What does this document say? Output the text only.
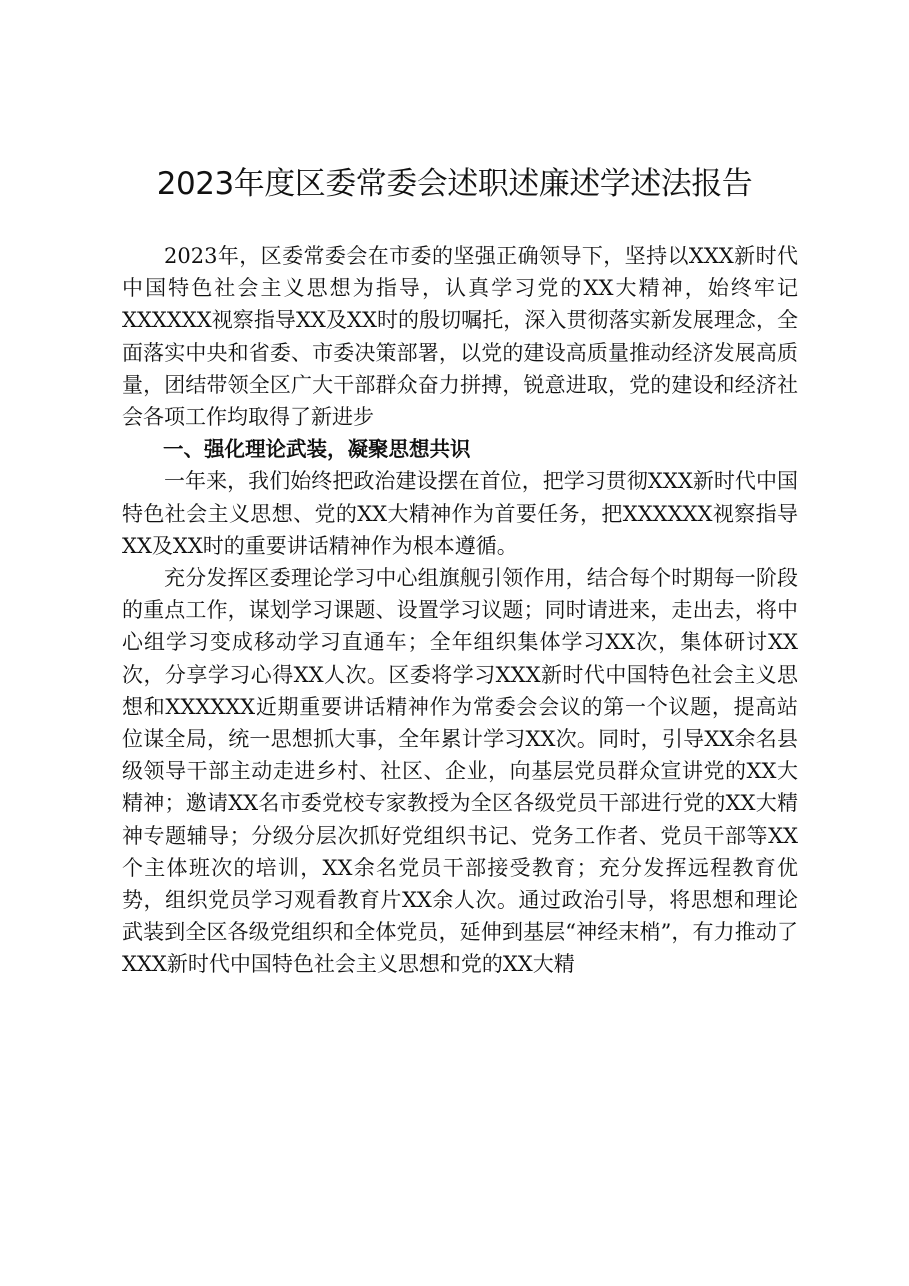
2023年度区委常委会述职述廉述学述法报告

2023年，区委常委会在市委的坚强正确领导下，坚持以XXX新时代中国特色社会主义思想为指导，认真学习党的XX大精神，始终牢记XXXXXX视察指导XX及XX时的殷切嘱托，深入贯彻落实新发展理念，全面落实中央和省委、市委决策部署，以党的建设高质量推动经济发展高质量，团结带领全区广大干部群众奋力拼搏，锐意进取，党的建设和经济社会各项工作均取得了新进步

一、强化理论武装，凝聚思想共识

一年来，我们始终把政治建设摆在首位，把学习贯彻XXX新时代中国特色社会主义思想、党的XX大精神作为首要任务，把XXXXXX视察指导XX及XX时的重要讲话精神作为根本遵循。

充分发挥区委理论学习中心组旗舰引领作用，结合每个时期每一阶段的重点工作，谋划学习课题、设置学习议题；同时请进来，走出去，将中心组学习变成移动学习直通车；全年组织集体学习XX次，集体研讨XX次，分享学习心得XX人次。区委将学习XXX新时代中国特色社会主义思想和XXXXXX近期重要讲话精神作为常委会会议的第一个议题，提高站位谋全局，统一思想抓大事，全年累计学习XX次。同时，引导XX余名县级领导干部主动走进乡村、社区、企业，向基层党员群众宣讲党的XX大精神；邀请XX名市委党校专家教授为全区各级党员干部进行党的XX大精神专题辅导；分级分层次抓好党组织书记、党务工作者、党员干部等XX个主体班次的培训，XX余名党员干部接受教育；充分发挥远程教育优势，组织党员学习观看教育片XX余人次。通过政治引导，将思想和理论武装到全区各级党组织和全体党员，延伸到基层“神经末梢”，有力推动了XXX新时代中国特色社会主义思想和党的XX大精
